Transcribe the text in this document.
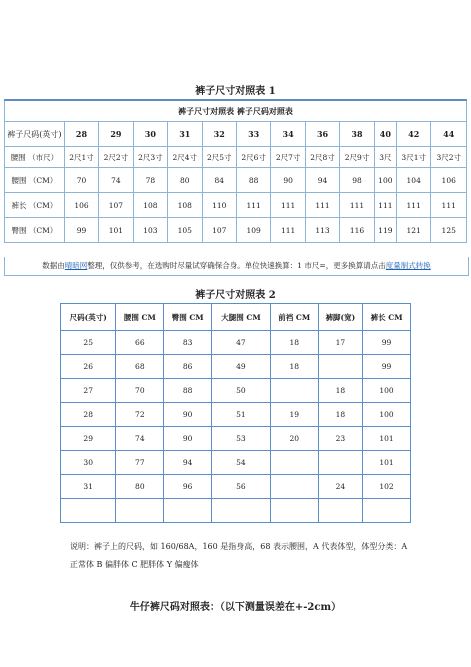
裤子尺寸对照表 1
裤子尺寸对照表 裤子尺码对照表												
裤子尺码(英寸)	28	29	30	31	32	33	34	36	38	40	42	44
腰围 （市尺）	2尺1寸	2尺2寸	2尺3寸	2尺4寸	2尺5寸	2尺6寸	2尺7寸	2尺8寸	2尺9寸	3尺	3尺1寸	3尺2寸
腰围 （CM）	70	74	78	80	84	88	90	94	98	100	104	106
裤长 （CM）	106	107	108	108	110	111	111	111	111	111	111	111
臀围 （CM）	99	101	103	105	107	109	111	113	116	119	121	125
数据由晴暗网整理，仅供参考，在选购时尽量试穿确保合身。单位快速换算：1 市尺=，更多换算请点击度量制式转换
裤子尺寸对照表 2
尺码(英寸)	腰围 CM	臀围 CM	大腿围 CM	前裆 CM	裤脚(宽)	裤长 CM
25	66	83	47	18	17	99
26	68	86	49	18		99
27	70	88	50		18	100
28	72	90	51	19	18	100
29	74	90	53	20	23	101
30	77	94	54			101
31	80	96	56		24	102

说明：裤子上的尺码，如 160/68A，160 是指身高，68 表示腰围，A 代表体型，体型分类：A
正常体 B 偏胖体 C 肥胖体 Y 偏瘦体
牛仔裤尺码对照表：（以下测量误差在+-2cm）
